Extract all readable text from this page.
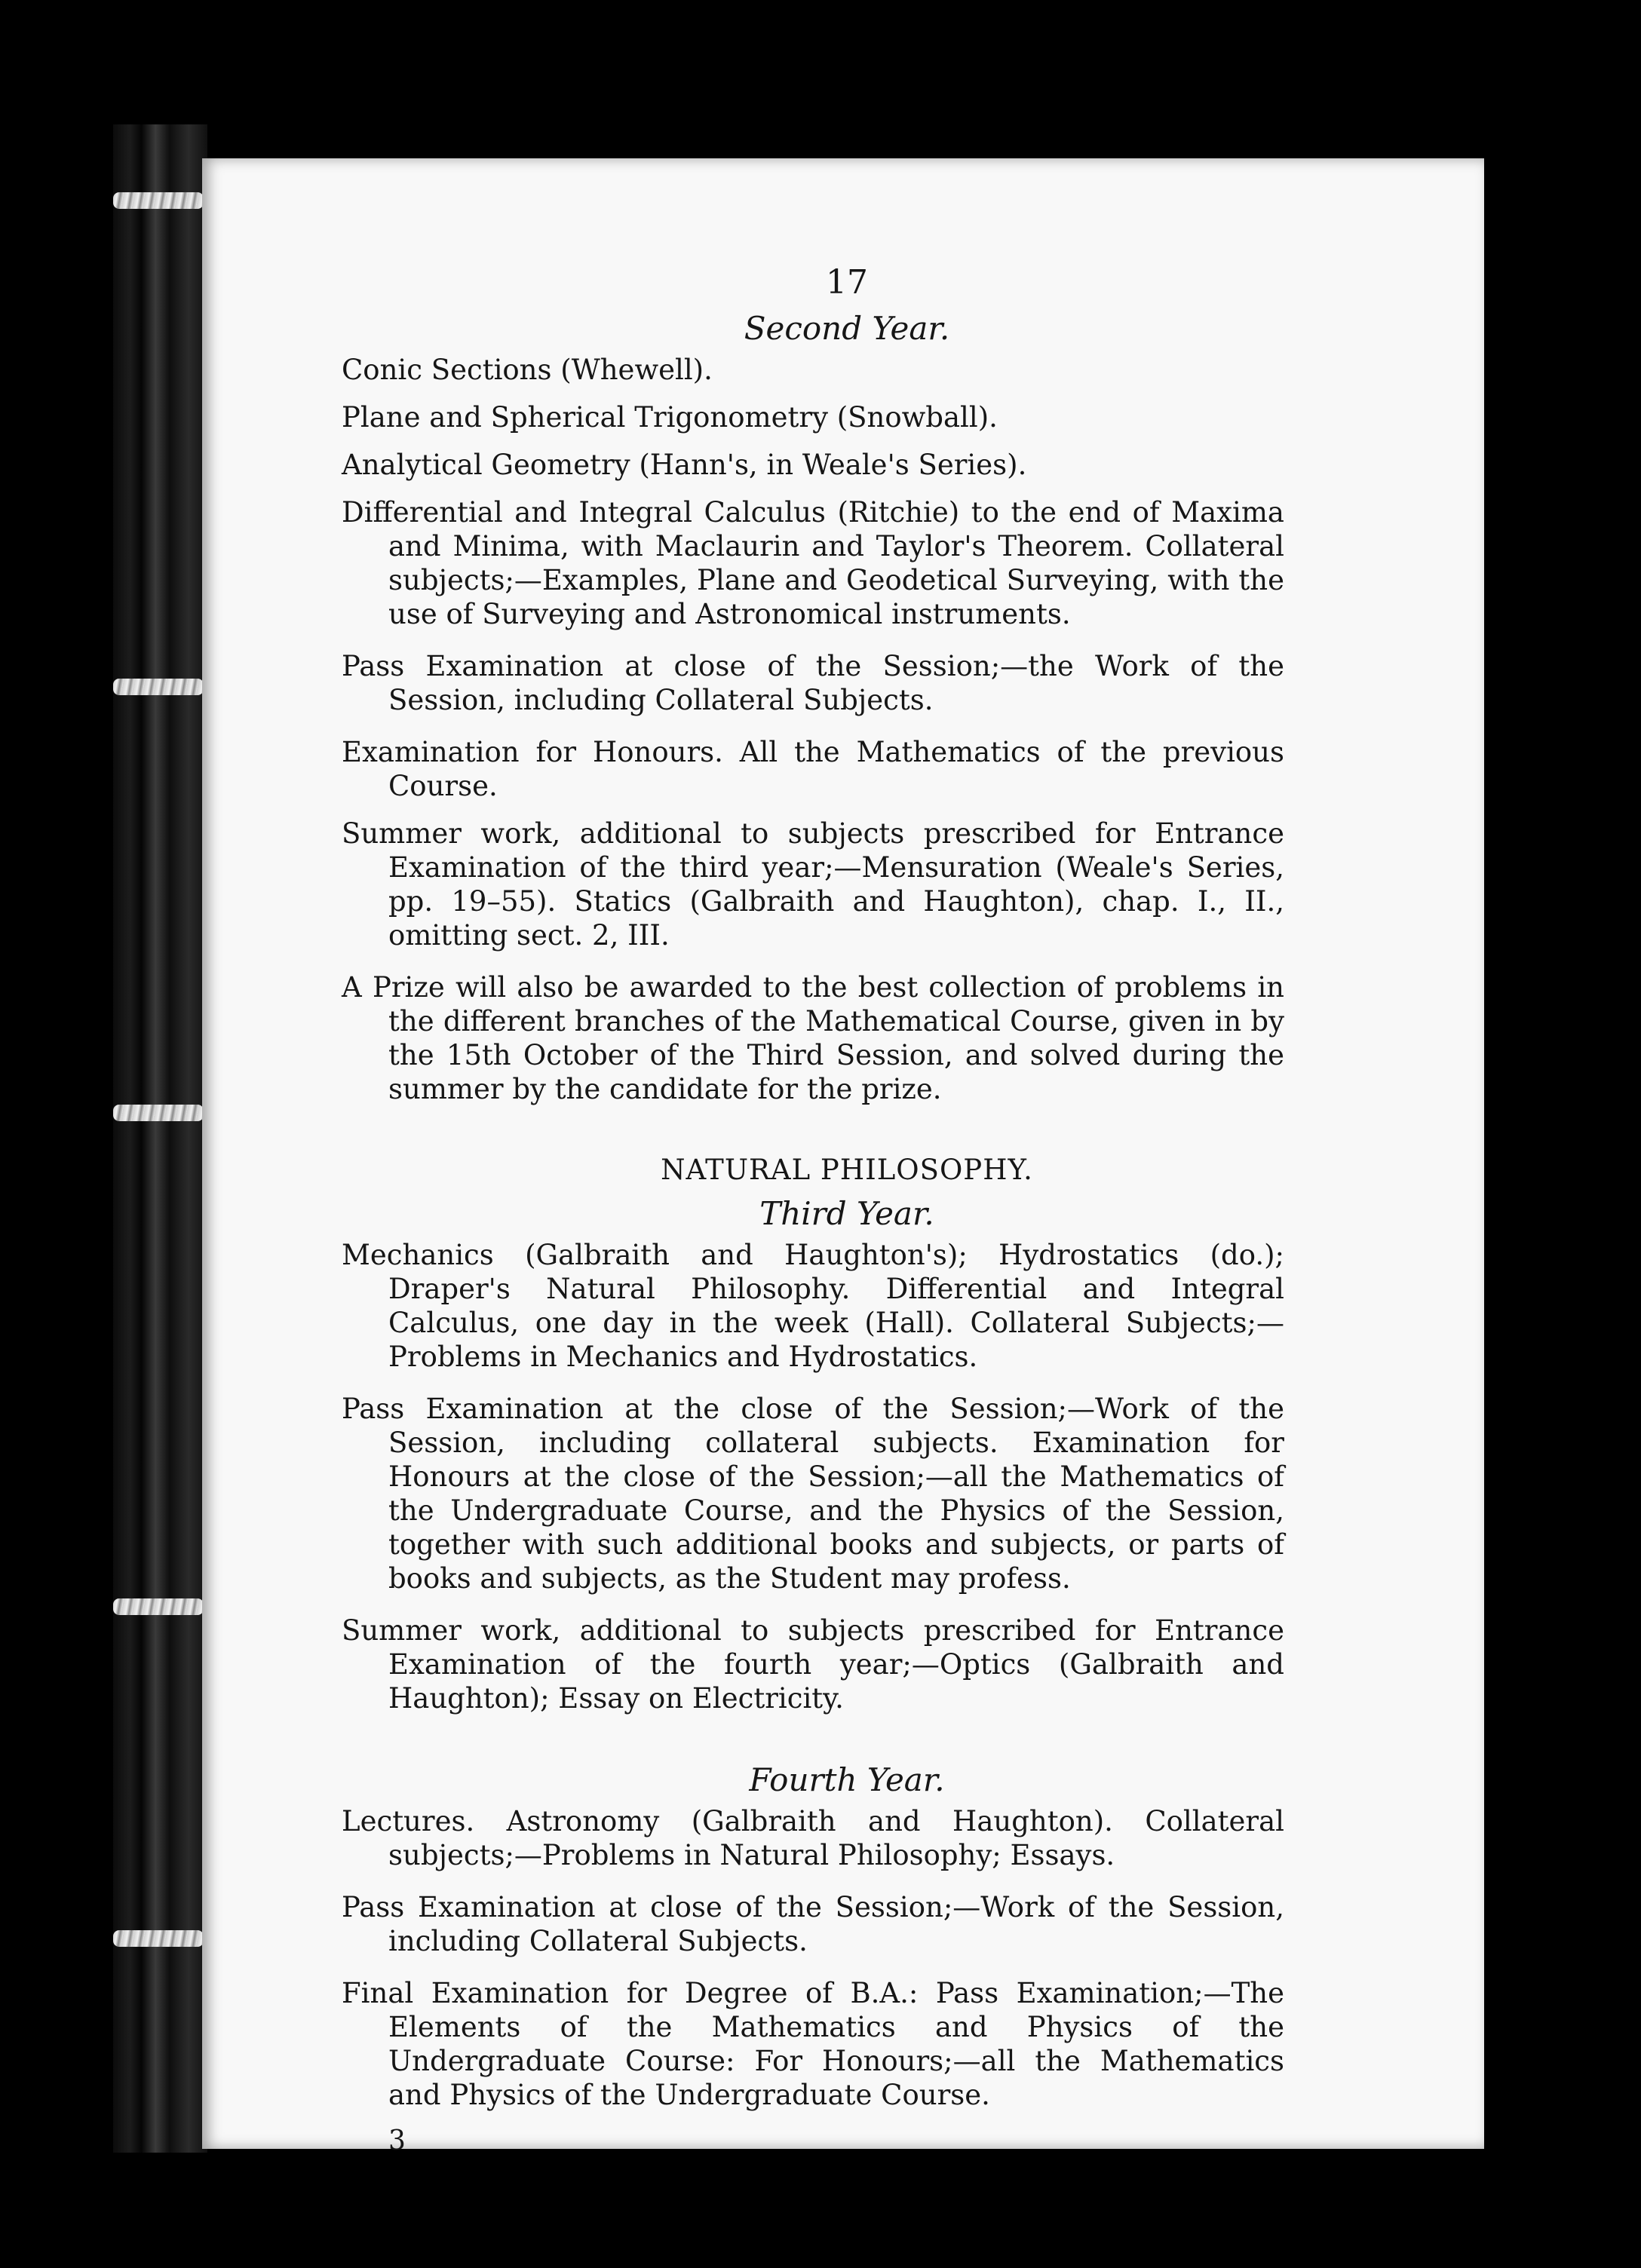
17
Second Year.

Conic Sections (Whewell).

Plane and Spherical Trigonometry (Snowball).

Analytical Geometry (Hann's, in Weale's Series).

Differential and Integral Calculus (Ritchie) to the end of Maxima and Minima, with Maclaurin and Taylor's Theorem. Collateral subjects;—Examples, Plane and Geodetical Surveying, with the use of Surveying and Astronomical instruments.

Pass Examination at close of the Session;—the Work of the Session, including Collateral Subjects.

Examination for Honours. All the Mathematics of the previous Course.

Summer work, additional to subjects prescribed for Entrance Examination of the third year;—Mensuration (Weale's Series, pp. 19–55). Statics (Galbraith and Haughton), chap. I., II., omitting sect. 2, III.

A Prize will also be awarded to the best collection of problems in the different branches of the Mathematical Course, given in by the 15th October of the Third Session, and solved during the summer by the candidate for the prize.

NATURAL PHILOSOPHY.
Third Year.

Mechanics (Galbraith and Haughton's); Hydrostatics (do.); Draper's Natural Philosophy. Differential and Integral Calculus, one day in the week (Hall). Collateral Subjects;—Problems in Mechanics and Hydrostatics.

Pass Examination at the close of the Session;—Work of the Session, including collateral subjects. Examination for Honours at the close of the Session;—all the Mathematics of the Undergraduate Course, and the Physics of the Session, together with such additional books and subjects, or parts of books and subjects, as the Student may profess.

Summer work, additional to subjects prescribed for Entrance Examination of the fourth year;—Optics (Galbraith and Haughton); Essay on Electricity.

Fourth Year.

Lectures. Astronomy (Galbraith and Haughton). Collateral subjects;—Problems in Natural Philosophy; Essays.

Pass Examination at close of the Session;—Work of the Session, including Collateral Subjects.

Final Examination for Degree of B.A.: Pass Examination;—The Elements of the Mathematics and Physics of the Undergraduate Course: For Honours;—all the Mathematics and Physics of the Undergraduate Course.

3
